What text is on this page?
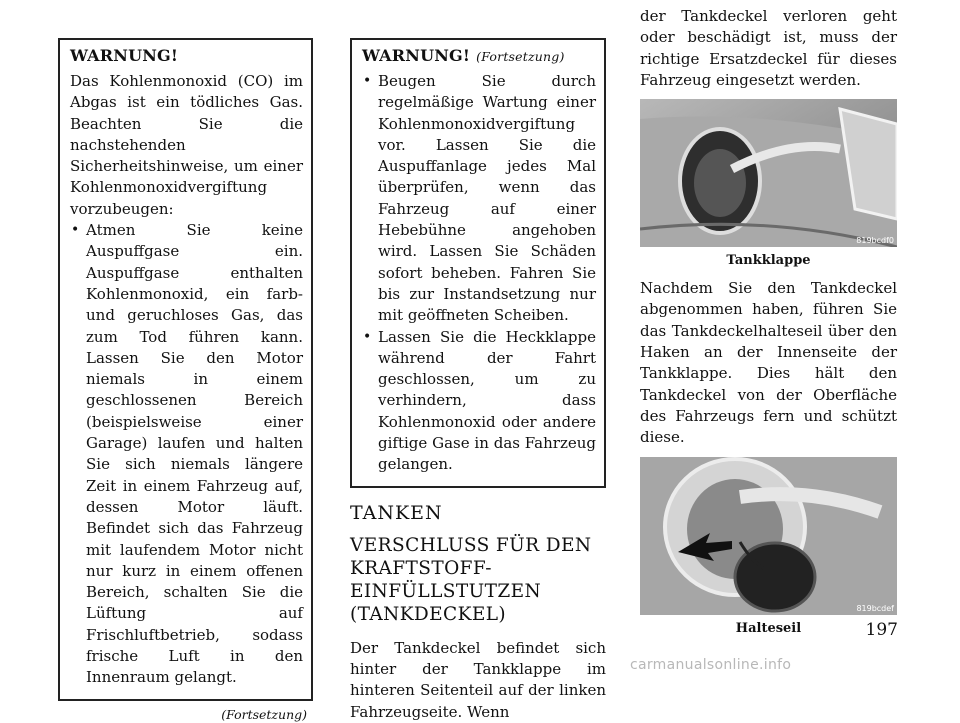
WARNUNG!

Das Kohlenmonoxid (CO) im Abgas ist ein tödliches Gas. Beachten Sie die nachstehenden Sicherheitshinweise, um einer Kohlenmonoxidvergiftung vorzubeugen:

• Atmen Sie keine Auspuffgase ein. Auspuffgase enthalten Kohlenmonoxid, ein farb- und geruchloses Gas, das zum Tod führen kann. Lassen Sie den Motor niemals in einem geschlossenen Bereich (beispielsweise einer Garage) laufen und halten Sie sich niemals längere Zeit in einem Fahrzeug auf, dessen Motor läuft. Befindet sich das Fahrzeug mit laufendem Motor nicht nur kurz in einem offenen Bereich, schalten Sie die Lüftung auf Frischluftbetrieb, sodass frische Luft in den Innenraum gelangt.
(Fortsetzung)
WARNUNG! (Fortsetzung)
• Beugen Sie durch regelmäßige Wartung einer Kohlenmonoxidvergiftung vor. Lassen Sie die Auspuffanlage jedes Mal überprüfen, wenn das Fahrzeug auf einer Hebebühne angehoben wird. Lassen Sie Schäden sofort beheben. Fahren Sie bis zur Instandsetzung nur mit geöffneten Scheiben.
• Lassen Sie die Heckklappe während der Fahrt geschlossen, um zu verhindern, dass Kohlenmonoxid oder andere giftige Gase in das Fahrzeug gelangen.
TANKEN
VERSCHLUSS FÜR DEN KRAFTSTOFF-EINFÜLLSTUTZEN (TANKDECKEL)

Der Tankdeckel befindet sich hinter der Tankklappe im hinteren Seitenteil auf der linken Fahrzeugseite. Wenn

der Tankdeckel verloren geht oder beschädigt ist, muss der richtige Ersatzdeckel für dieses Fahrzeug eingesetzt werden.

819bcdf0
Tankklappe

Nachdem Sie den Tankdeckel abgenommen haben, führen Sie das Tankdeckelhalteseil über den Haken an der Innenseite der Tankklappe. Dies hält den Tankdeckel von der Oberfläche des Fahrzeugs fern und schützt diese.

819bcdef
Halteseil	197
carmanualsonline.info
